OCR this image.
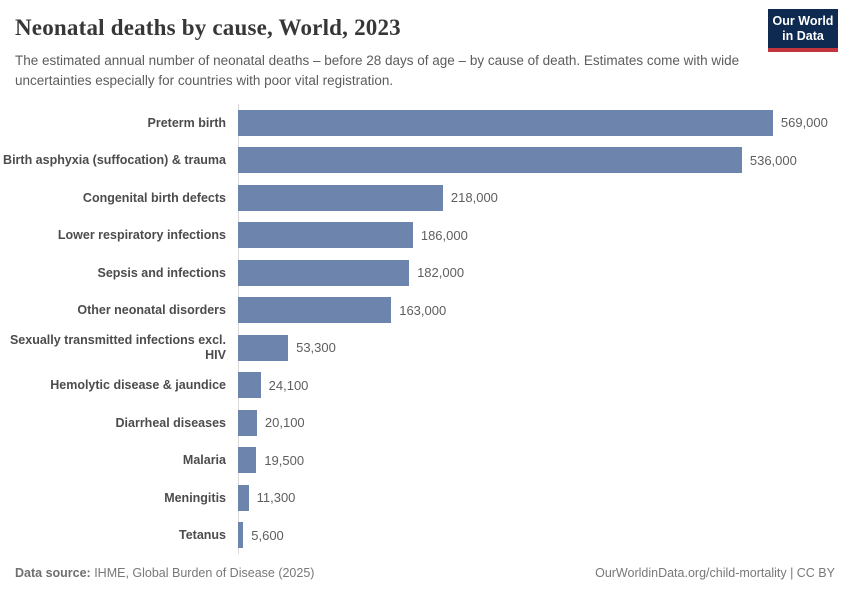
Neonatal deaths by cause, World, 2023

The estimated annual number of neonatal deaths – before 28 days of age – by cause of death. Estimates come with wide uncertainties especially for countries with poor vital registration.

Our World
in Data
Preterm birth	569,000
Birth asphyxia (suffocation) & trauma	536,000
Congenital birth defects	218,000
Lower respiratory infections	186,000
Sepsis and infections	182,000
Other neonatal disorders	163,000
Sexually transmitted infections excl. HIV	53,300
Hemolytic disease & jaundice	24,100
Diarrheal diseases	20,100
Malaria	19,500
Meningitis	11,300
Tetanus	5,600
Data source: IHME, Global Burden of Disease (2025)	OurWorldinData.org/child-mortality | CC BY
